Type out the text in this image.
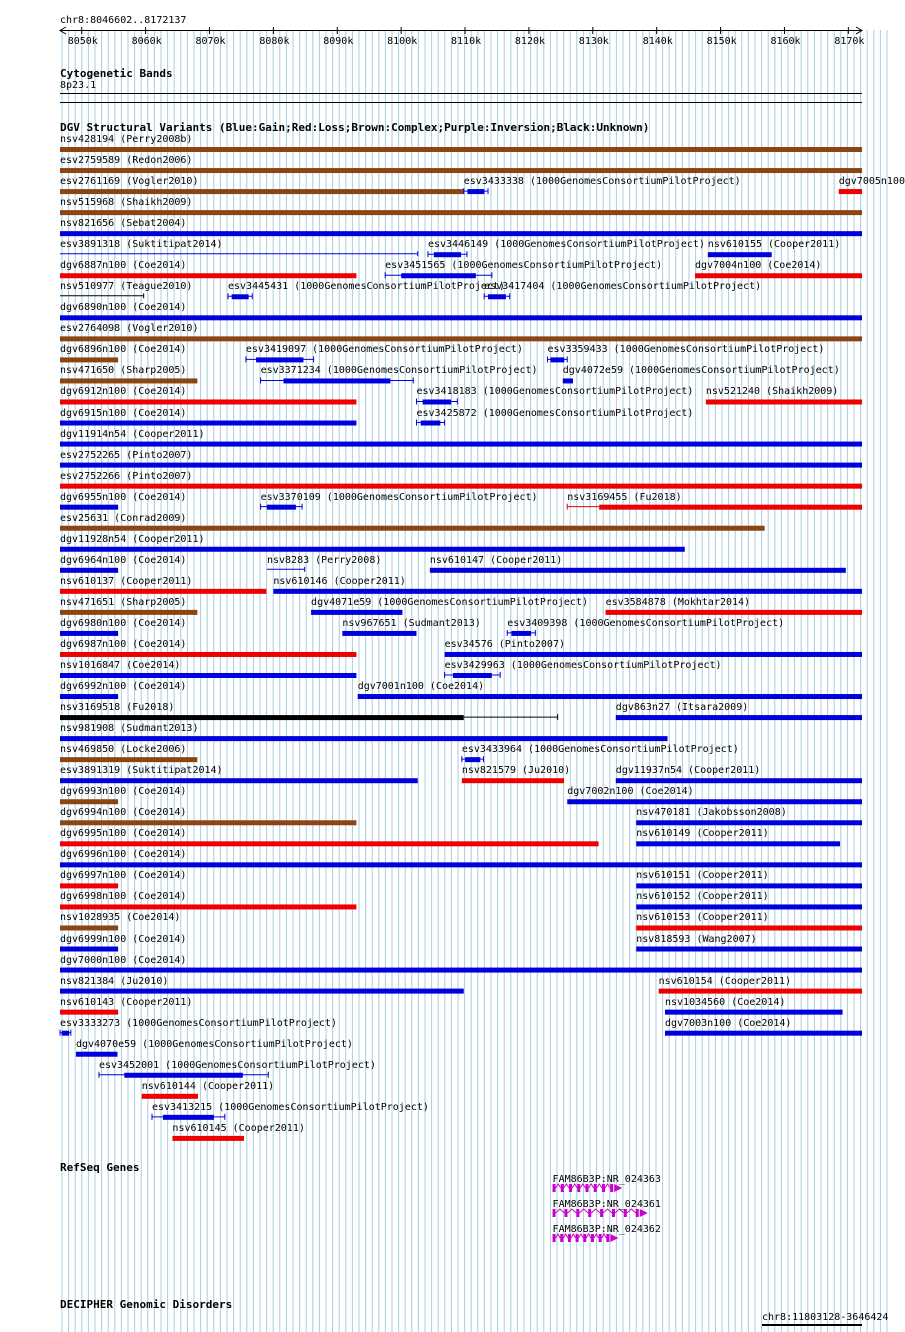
8050k	8060k	8070k	8080k	8090k	8100k	8110k	8120k	8130k	8140k	8150k	8160k	8170k
chr8:8046602..8172137
Cytogenetic Bands
8p23.1
DGV Structural Variants (Blue:Gain;Red:Loss;Brown:Complex;Purple:Inversion;Black:Unknown)
nsv428194 (Perry2008b)
esv2759589 (Redon2006)
esv2761169 (Vogler2010)	esv3433338 (1000GenomesConsortiumPilotProject)	dgv7005n100
nsv515968 (Shaikh2009)
nsv821656 (Sebat2004)
esv3891318 (Suktitipat2014)	esv3446149 (1000GenomesConsortiumPilotProject) nsv610155 (Cooper2011)
dgv6887n100 (Coe2014)	esv3451565 (1000GenomesConsortiumPilotProject)	dgv7004n100 (Coe2014)
nsv510977 (Teague2010)	esv3445431 (1000GenomesConsortiumPilotProject)
esv3417404 (1000GenomesConsortiumPilotProject)
dgv6890n100 (Coe2014)
esv2764098 (Vogler2010)
dgv6896n100 (Coe2014)	esv3419097 (1000GenomesConsortiumPilotProject) esv3359433 (1000GenomesConsortiumPilotProject)
nsv471650 (Sharp2005)	esv3371234 (1000GenomesConsortiumPilotProject)	dgv4072e59 (1000GenomesConsortiumPilotProject)
dgv6912n100 (Coe2014)	esv3418183 (1000GenomesConsortiumPilotProject) nsv521240 (Shaikh2009)
dgv6915n100 (Coe2014)	esv3425872 (1000GenomesConsortiumPilotProject)
dgv11914n54 (Cooper2011)
esv2752265 (Pinto2007)
esv2752266 (Pinto2007)
dgv6955n100 (Coe2014)	esv3370109 (1000GenomesConsortiumPilotProject)	nsv3169455 (Fu2018)
esv25631 (Conrad2009)
dgv11928n54 (Cooper2011)
dgv6964n100 (Coe2014)	nsv8283 (Perry2008)	nsv610147 (Cooper2011)
nsv610137 (Cooper2011)	nsv610146 (Cooper2011)
nsv471651 (Sharp2005)	dgv4071e59 (1000GenomesConsortiumPilotProject) esv3584878 (Mokhtar2014)
dgv6980n100 (Coe2014)	nsv967651 (Sudmant2013)	esv3409398 (1000GenomesConsortiumPilotProject)
dgv6987n100 (Coe2014)	esv34576 (Pinto2007)
nsv1016847 (Coe2014)	esv3429963 (1000GenomesConsortiumPilotProject)
dgv6992n100 (Coe2014)	dgv7001n100 (Coe2014)
nsv3169518 (Fu2018)	dgv863n27 (Itsara2009)
nsv981908 (Sudmant2013)
nsv469850 (Locke2006)	esv3433964 (1000GenomesConsortiumPilotProject)
esv3891319 (Suktitipat2014)	nsv821579 (Ju2010)	dgv11937n54 (Cooper2011)
dgv6993n100 (Coe2014)	dgv7002n100 (Coe2014)
dgv6994n100 (Coe2014)	nsv470181 (Jakobsson2008)
dgv6995n100 (Coe2014)	nsv610149 (Cooper2011)
dgv6996n100 (Coe2014)
dgv6997n100 (Coe2014)	nsv610151 (Cooper2011)
dgv6998n100 (Coe2014)	nsv610152 (Cooper2011)
nsv1028935 (Coe2014)	nsv610153 (Cooper2011)
dgv6999n100 (Coe2014)	nsv818593 (Wang2007)
dgv7000n100 (Coe2014)
nsv821384 (Ju2010)	nsv610154 (Cooper2011)
nsv610143 (Cooper2011)	nsv1034560 (Coe2014)
esv3333273 (1000GenomesConsortiumPilotProject)	dgv7003n100 (Coe2014)
dgv4070e59 (1000GenomesConsortiumPilotProject)
esv3452001 (1000GenomesConsortiumPilotProject)
nsv610144 (Cooper2011)
esv3413215 (1000GenomesConsortiumPilotProject)
nsv610145 (Cooper2011)
RefSeq Genes
FAM86B3P:NR_024363
FAM86B3P:NR_024361
FAM86B3P:NR_024362
DECIPHER Genomic Disorders
chr8:11803128-3646424
